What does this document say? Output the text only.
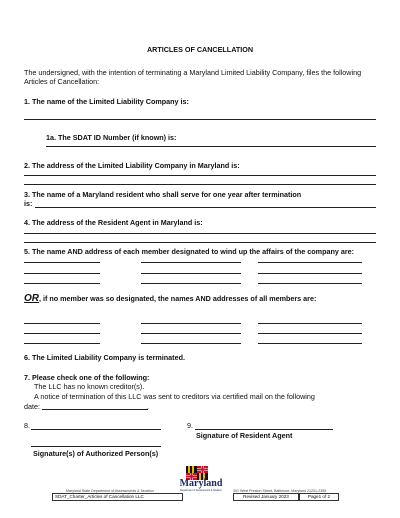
ARTICLES OF CANCELLATION
The undersigned, with the intention of terminating a Maryland Limited Liability Company, files the following
Articles of Cancellation:
1. The name of the Limited Liability Company is:
1a. The SDAT ID Number (if known) is:
2. The address of the Limited Liability Company in Maryland is:
3. The name of a Maryland resident who shall serve for one year after termination
is:
4. The address of the Resident Agent in Maryland is:
5. The name AND address of each member designated to wind up the affairs of the company are:
OR, if no member was so designated, the names AND addresses of all members are:
6. The Limited Liability Company is terminated.
7. Please check one of the following:
The LLC has no known creditor(s).
A notice of termination of this LLC was sent to creditors via certified mail on the following
date:	.
8.	9.
Signature of Resident Agent
Signature(s) of Authorized Person(s)
Maryland
Department of Assessments & Taxation
Maryland State Department of Assessments & Taxation	301 West Preston Street, Baltimore, Maryland 21201-2395
SDAT_Charter_Articles of Cancellation LLC	Revised January 2023	Page1 of 2
